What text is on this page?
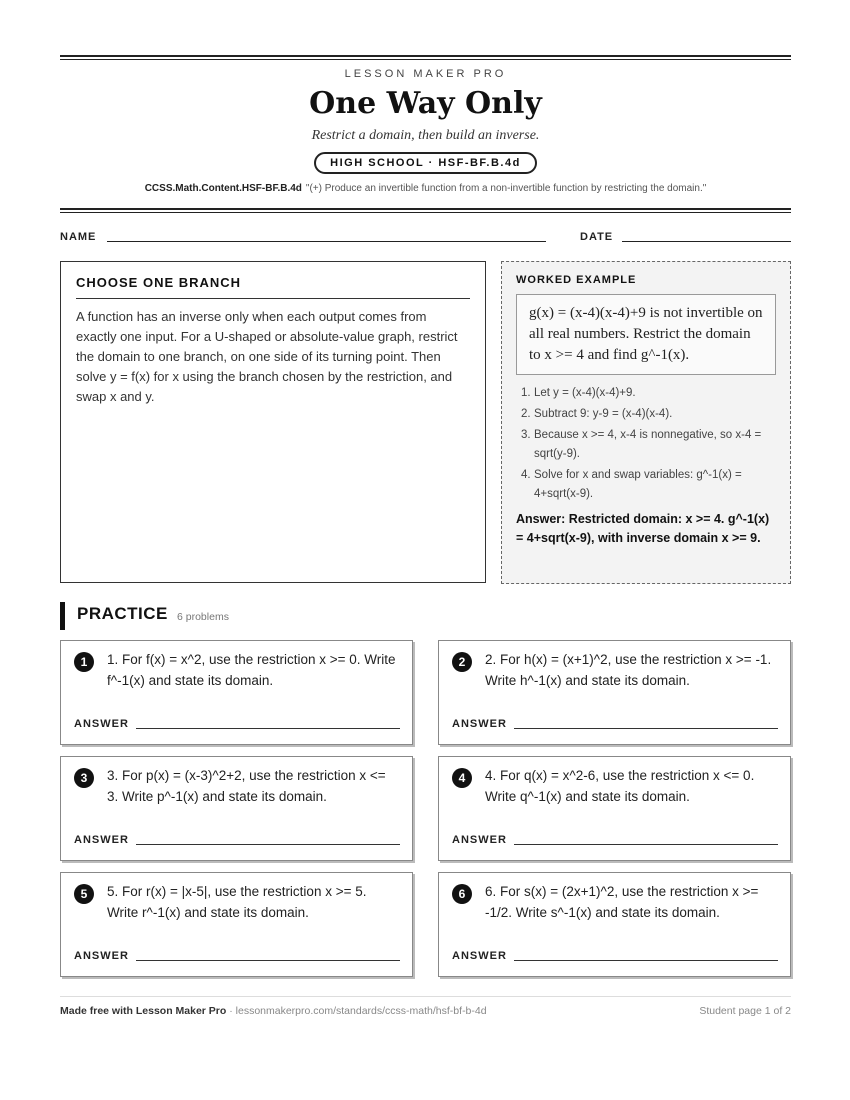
LESSON MAKER PRO
One Way Only
Restrict a domain, then build an inverse.
HIGH SCHOOL · HSF-BF.B.4d
CCSS.Math.Content.HSF-BF.B.4d "(+) Produce an invertible function from a non-invertible function by restricting the domain."
NAME	DATE
CHOOSE ONE BRANCH

A function has an inverse only when each output comes from exactly one input. For a U-shaped or absolute-value graph, restrict the domain to one branch, on one side of its turning point. Then solve y = f(x) for x using the branch chosen by the restriction, and swap x and y.

WORKED EXAMPLE
g(x) = (x-4)(x-4)+9 is not invertible on all real numbers. Restrict the domain to x >= 4 and find g^-1(x).
1. Let y = (x-4)(x-4)+9.
2. Subtract 9: y-9 = (x-4)(x-4).
3. Because x >= 4, x-4 is nonnegative, so x-4 = sqrt(y-9).
4. Solve for x and swap variables: g^-1(x) = 4+sqrt(x-9).
Answer: Restricted domain: x >= 4. g^-1(x) = 4+sqrt(x-9), with inverse domain x >= 9.
PRACTICE 6 problems
1	1. For f(x) = x^2, use the restriction x >= 0. Write f^-1(x) and state its domain.
ANSWER
2	2. For h(x) = (x+1)^2, use the restriction x >= -1. Write h^-1(x) and state its domain.
ANSWER
3	3. For p(x) = (x-3)^2+2, use the restriction x <= 3. Write p^-1(x) and state its domain.
ANSWER
4	4. For q(x) = x^2-6, use the restriction x <= 0. Write q^-1(x) and state its domain.
ANSWER
5	5. For r(x) = |x-5|, use the restriction x >= 5. Write r^-1(x) and state its domain.
ANSWER
6	6. For s(x) = (2x+1)^2, use the restriction x >= -1/2. Write s^-1(x) and state its domain.
ANSWER
Made free with Lesson Maker Pro · lessonmakerpro.com/standards/ccss-math/hsf-bf-b-4d	Student page 1 of 2
